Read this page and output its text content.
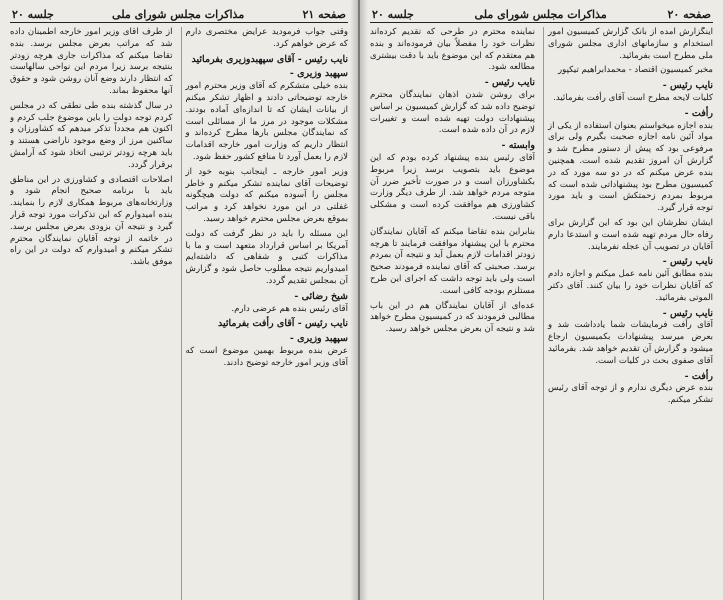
صفحه ۲۱
مذاکرات مجلس شورای ملی
جلسه ۲۰

وقتی جواب فرمودید عرایض مختصری دارم که عرض خواهم کرد.

نایب رئیس - آقای سپهبدوزیری بفرمائید

سپهبد وزیری -

بنده خیلی متشکرم که آقای وزیر محترم امور خارجه توضیحاتی دادند و اظهار تشکر میکنم از بیانات ایشان که تا اندازه‌ای آماده بودند. مشکلات موجود در مرز ما از مسائلی است که نمایندگان مجلس بارها مطرح کرده‌اند و انتظار داریم که وزارت امور خارجه اقدامات لازم را بعمل آورد تا منافع کشور حفظ شود.

وزیر امور خارجه ـ اینجانب بنوبه خود از توضیحات آقای نماینده تشکر میکنم و خاطر مجلس را آسوده میکنم که دولت هیچگونه غفلتی در این مورد نخواهد کرد و مراتب بموقع بعرض مجلس محترم خواهد رسید.

این مسئله را باید در نظر گرفت که دولت آمریکا بر اساس قرارداد متعهد است و ما با مذاکرات کتبی و شفاهی که داشته‌ایم امیدواریم نتیجه مطلوب حاصل شود و گزارش آن بمجلس تقدیم گردد.

شیخ رضائی -

آقای رئیس بنده هم عرضی دارم.

نایب رئیس - آقای رأفت بفرمائید

سپهبد وزیری -

عرض بنده مربوط بهمین موضوع است که آقای وزیر امور خارجه توضیح دادند.

از طرف آقای وزیر امور خارجه اطمینان داده شد که مراتب بعرض مجلس برسد. بنده تقاضا میکنم که مذاکرات جاری هرچه زودتر بنتیجه برسد زیرا مردم این نواحی سالهاست که انتظار دارند وضع آنان روشن شود و حقوق آنها محفوظ بماند.

در سال گذشته بنده طی نطقی که در مجلس کردم توجه دولت را باین موضوع جلب کردم و اکنون هم مجدداً تذکر میدهم که کشاورزان و ساکنین مرز از وضع موجود ناراضی هستند و باید هرچه زودتر ترتیبی اتخاذ شود که آرامش برقرار گردد.

اصلاحات اقتصادی و کشاورزی در این مناطق باید با برنامه صحیح انجام شود و وزارتخانه‌های مربوط همکاری لازم را بنمایند. بنده امیدوارم که این تذکرات مورد توجه قرار گیرد و نتیجه آن بزودی بعرض مجلس برسد. در خاتمه از توجه آقایان نمایندگان محترم تشکر میکنم و امیدوارم که دولت در این راه موفق باشد.

صفحه ۲۰
مذاکرات مجلس شورای ملی
جلسه ۲۰

اینگزارش آمده از بانک گزارش کمیسیون امور استخدام و سازمانهای اداری مجلس شورای ملی مطرح است بفرمائید.

مخبر کمیسیون اقتصاد - محمدابراهیم تیکپور

نایب رئیس -

کلیات لایحه مطرح است آقای رأفت بفرمائید.

رأفت -

بنده اجازه میخواستم بعنوان استفاده از یکی از مواد آئین نامه اجازه صحبت بگیرم ولی برای مرفوعی بود که پیش از دستور مطرح شد و گزارش آن امروز تقدیم شده است. همچنین بنده عرض میکنم که در دو سه مورد که در کمیسیون مطرح بود پیشنهاداتی شده است که مربوط بمردم زحمتکش است و باید مورد توجه قرار گیرد.

ایشان نظرشان این بود که این گزارش برای رفاه حال مردم تهیه شده است و استدعا دارم آقایان در تصویب آن عجله نفرمایند.

نایب رئیس -

بنده مطابق آئین نامه عمل میکنم و اجازه دادم که آقایان نظرات خود را بیان کنند. آقای دکتر الموتی بفرمائید.

نایب رئیس -

آقای رأفت فرمایشات شما یادداشت شد و بعرض میرسد پیشنهادات بکمیسیون ارجاع میشود و گزارش آن تقدیم خواهد شد. بفرمائید آقای صفوی بحث در کلیات است.

رأفت -

بنده عرض دیگری ندارم و از توجه آقای رئیس تشکر میکنم.

نماینده محترم در طرحی که تقدیم کرده‌اند نظرات خود را مفصلاً بیان فرموده‌اند و بنده هم معتقدم که این موضوع باید با دقت بیشتری مطالعه شود.

نایب رئیس -

برای روشن شدن اذهان نمایندگان محترم توضیح داده شد که گزارش کمیسیون بر اساس پیشنهادات دولت تهیه شده است و تغییرات لازم در آن داده شده است.

وابسته -

آقای رئیس بنده پیشنهاد کرده بودم که این موضوع باید بتصویب برسد زیرا مربوط بکشاورزان است و در صورت تأخیر ضرر آن متوجه مردم خواهد شد. از طرف دیگر وزارت کشاورزی هم موافقت کرده است و مشکلی باقی نیست.

بنابراین بنده تقاضا میکنم که آقایان نمایندگان محترم با این پیشنهاد موافقت فرمایند تا هرچه زودتر اقدامات لازم بعمل آید و نتیجه آن بمردم برسد. صحبتی که آقای نماینده فرمودند صحیح است ولی باید توجه داشت که اجرای این طرح مستلزم بودجه کافی است.

عده‌ای از آقایان نمایندگان هم در این باب مطالبی فرمودند که در کمیسیون مطرح خواهد شد و نتیجه آن بعرض مجلس خواهد رسید.
